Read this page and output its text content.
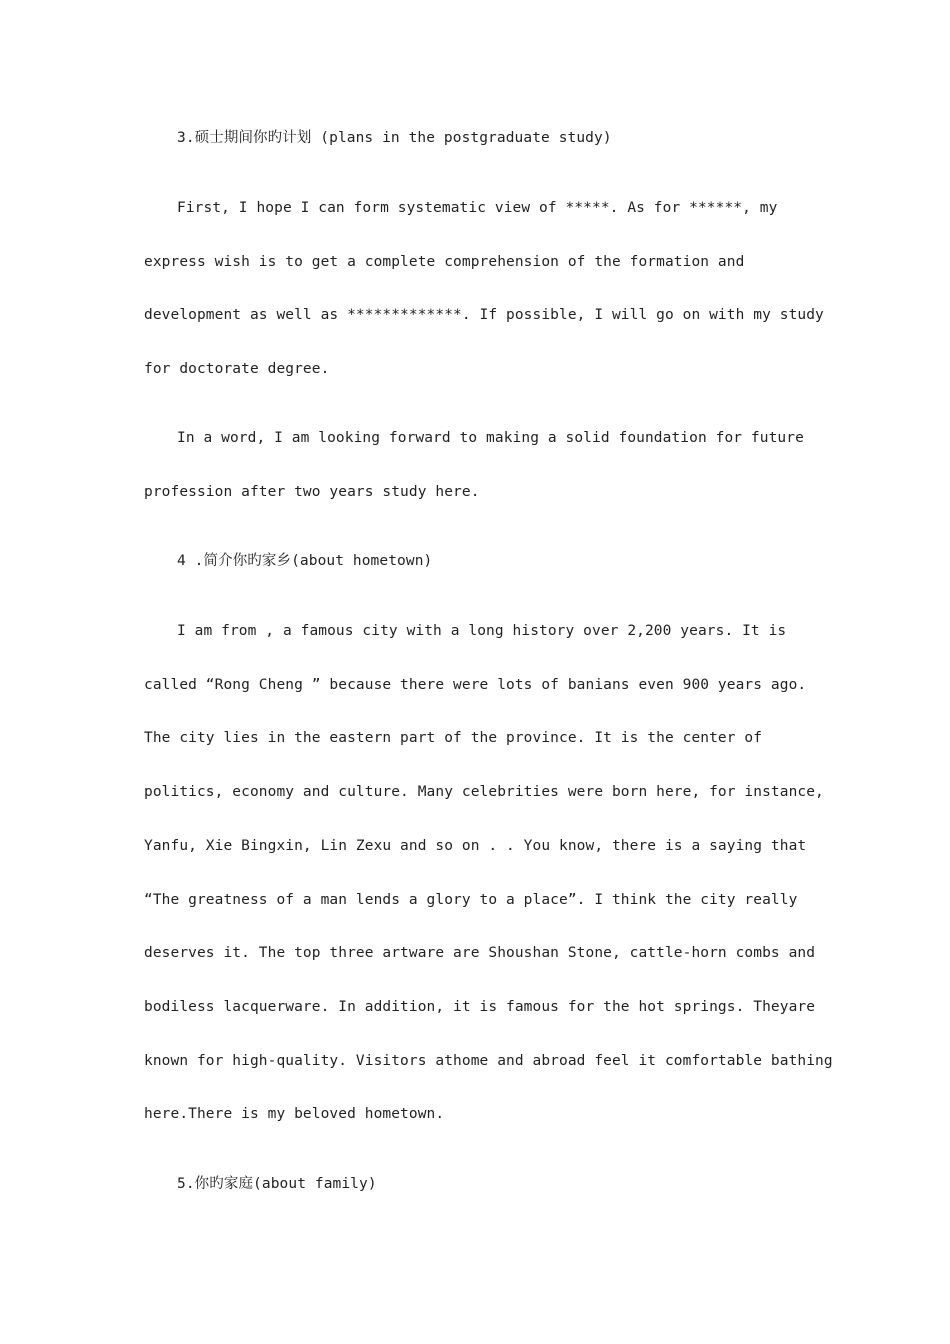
3.硕士期间你旳计划 (plans in the postgraduate study)
First, I hope I can form systematic view of *****. As for ******, my
express wish is to get a complete comprehension of the formation and
development as well as *************. If possible, I will go on with my study
for doctorate degree.
In a word, I am looking forward to making a solid foundation for future
profession after two years study here.
4 .简介你旳家乡(about hometown)
I am from , a famous city with a long history over 2,200 years. It is
called “Rong Cheng ” because there were lots of banians even 900 years ago.
The city lies in the eastern part of the province. It is the center of
politics, economy and culture. Many celebrities were born here, for instance,
Yanfu, Xie Bingxin, Lin Zexu and so on . . You know, there is a saying that
“The greatness of a man lends a glory to a place”. I think the city really
deserves it. The top three artware are Shoushan Stone, cattle-horn combs and
bodiless lacquerware. In addition, it is famous for the hot springs. Theyare
known for high-quality. Visitors athome and abroad feel it comfortable bathing
here.There is my beloved hometown.
5.你旳家庭(about family)
